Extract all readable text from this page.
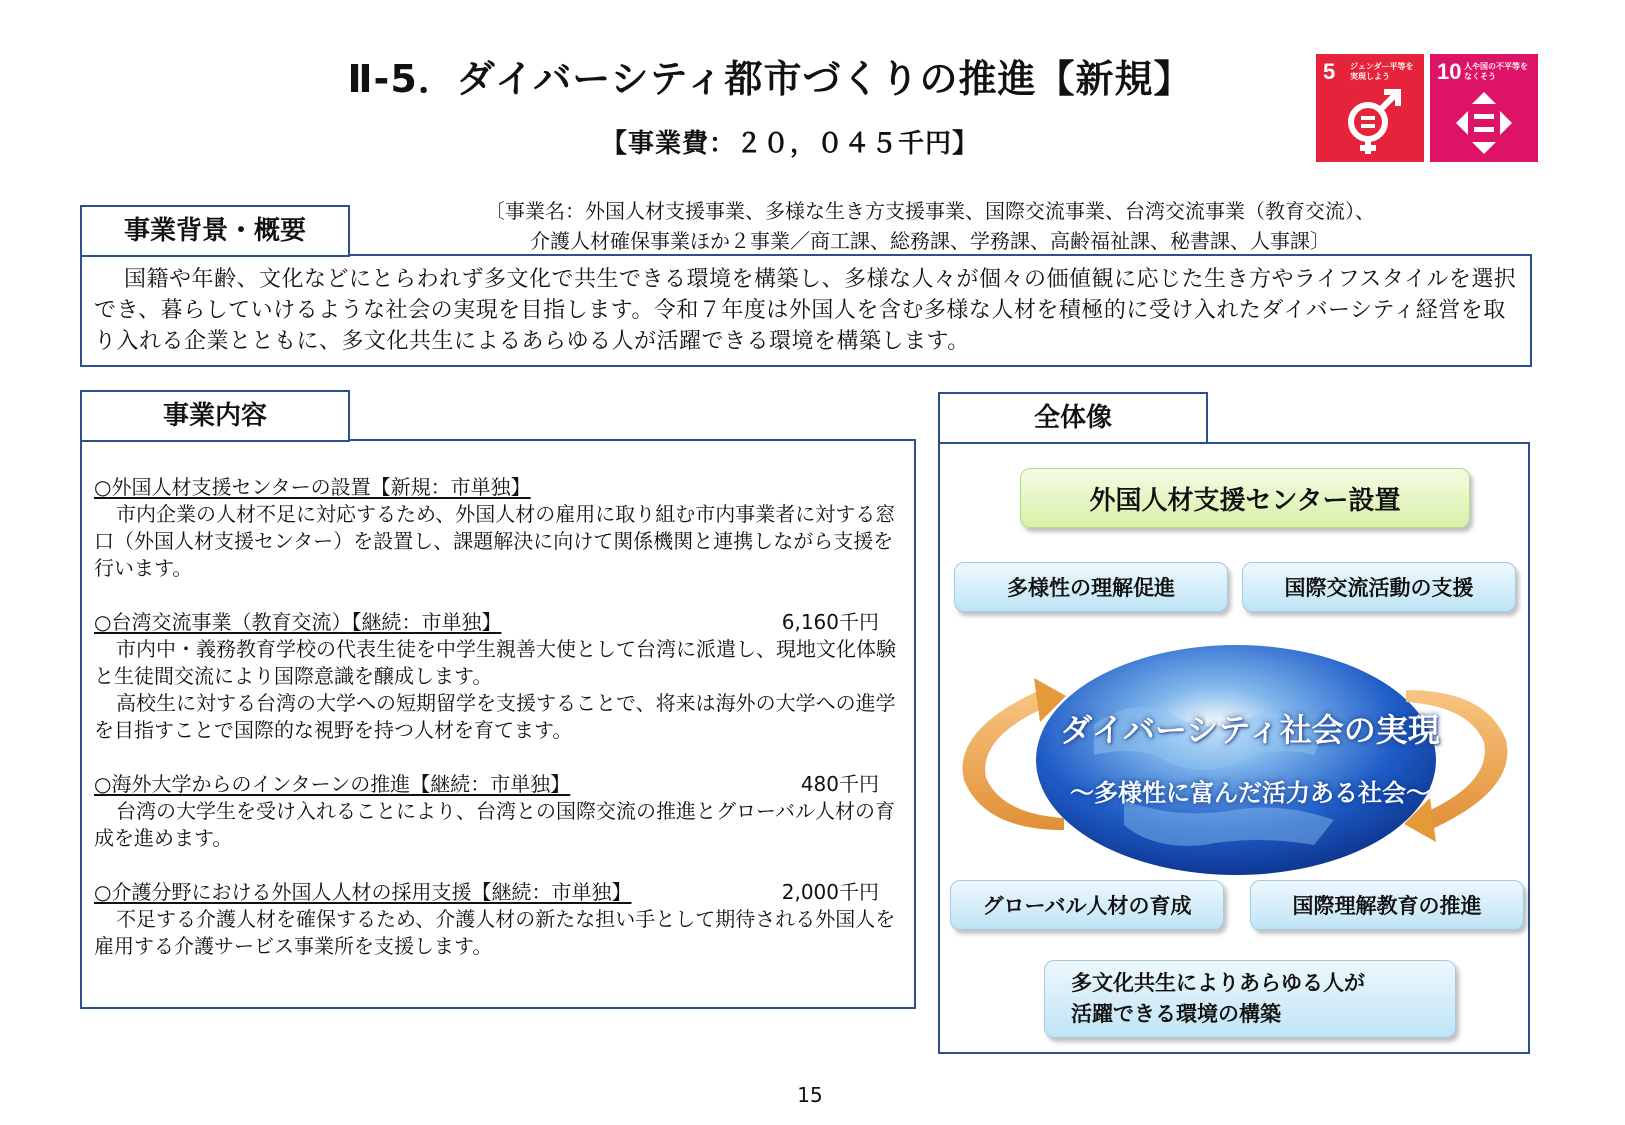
Ⅱ-5．ダイバーシティ都市づくりの推進【新規】
【事業費：２０，０４５千円】
5 ジェンダー平等を実現しよう	10 人や国の不平等をなくそう
事業背景・概要
〔事業名：外国人材支援事業、多様な生き方支援事業、国際交流事業、台湾交流事業（教育交流）、
介護人材確保事業ほか２事業／商工課、総務課、学務課、高齢福祉課、秘書課、人事課〕
国籍や年齢、文化などにとらわれず多文化で共生できる環境を構築し、多様な人々が個々の価値観に応じた生き方やライフスタイルを選択でき、暮らしていけるような社会の実現を目指します。令和７年度は外国人を含む多様な人材を積極的に受け入れたダイバーシティ経営を取り入れる企業とともに、多文化共生によるあらゆる人が活躍できる環境を構築します。
事業内容
○外国人材支援センターの設置【新規：市単独】

市内企業の人材不足に対応するため、外国人材の雇用に取り組む市内事業者に対する窓口（外国人材支援センター）を設置し、課題解決に向けて関係機関と連携しながら支援を行います。

○台湾交流事業（教育交流）【継続：市単独】	6,160千円

市内中・義務教育学校の代表生徒を中学生親善大使として台湾に派遣し、現地文化体験と生徒間交流により国際意識を醸成します。

高校生に対する台湾の大学への短期留学を支援することで、将来は海外の大学への進学を目指すことで国際的な視野を持つ人材を育てます。

○海外大学からのインターンの推進【継続：市単独】	480千円

台湾の大学生を受け入れることにより、台湾との国際交流の推進とグローバル人材の育成を進めます。

○介護分野における外国人人材の採用支援【継続：市単独】	2,000千円

不足する介護人材を確保するため、介護人材の新たな担い手として期待される外国人を雇用する介護サービス事業所を支援します。

全体像
外国人材支援センター設置
多様性の理解促進	国際交流活動の支援
ダイバーシティ社会の実現
～多様性に富んだ活力ある社会～
グローバル人材の育成	国際理解教育の推進
多文化共生によりあらゆる人が
活躍できる環境の構築
15
